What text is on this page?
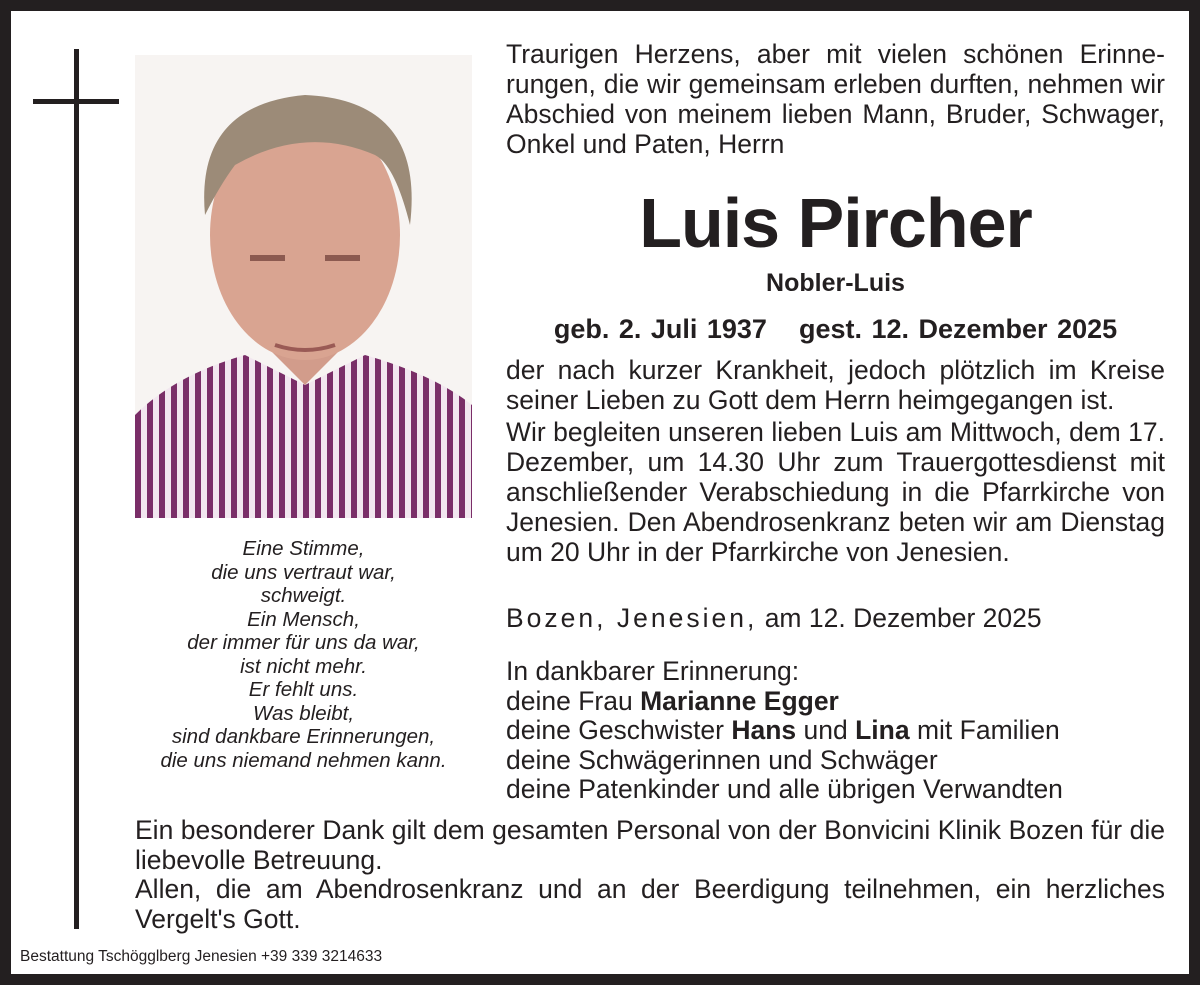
Traurigen Herzens, aber mit vielen schönen Erinnerungen, die wir gemeinsam erleben durften, nehmen wir Abschied von meinem lieben Mann, Bruder, Schwager, Onkel und Paten, Herrn
Luis Pircher
Nobler-Luis
geb. 2. Juli 1937 gest. 12. Dezember 2025
der nach kurzer Krankheit, jedoch plötzlich im Kreise seiner Lieben zu Gott dem Herrn heimgegangen ist.
Wir begleiten unseren lieben Luis am Mittwoch, dem 17. Dezember, um 14.30 Uhr zum Trauergottesdienst mit anschließender Verabschiedung in die Pfarrkirche von Jenesien. Den Abendrosenkranz beten wir am Dienstag um 20 Uhr in der Pfarrkirche von Jenesien.
Bozen, Jenesien, am 12. Dezember 2025
In dankbarer Erinnerung:
deine Frau Marianne Egger
deine Geschwister Hans und Lina mit Familien
deine Schwägerinnen und Schwäger
deine Patenkinder und alle übrigen Verwandten
Eine Stimme,
die uns vertraut war,
schweigt.
Ein Mensch,
der immer für uns da war,
ist nicht mehr.
Er fehlt uns.
Was bleibt,
sind dankbare Erinnerungen,
die uns niemand nehmen kann.
Ein besonderer Dank gilt dem gesamten Personal von der Bonvicini Klinik Bozen für die liebevolle Betreuung.
Allen, die am Abendrosenkranz und an der Beerdigung teilnehmen, ein herzliches Vergelt's Gott.
Bestattung Tschögglberg Jenesien +39 339 3214633
